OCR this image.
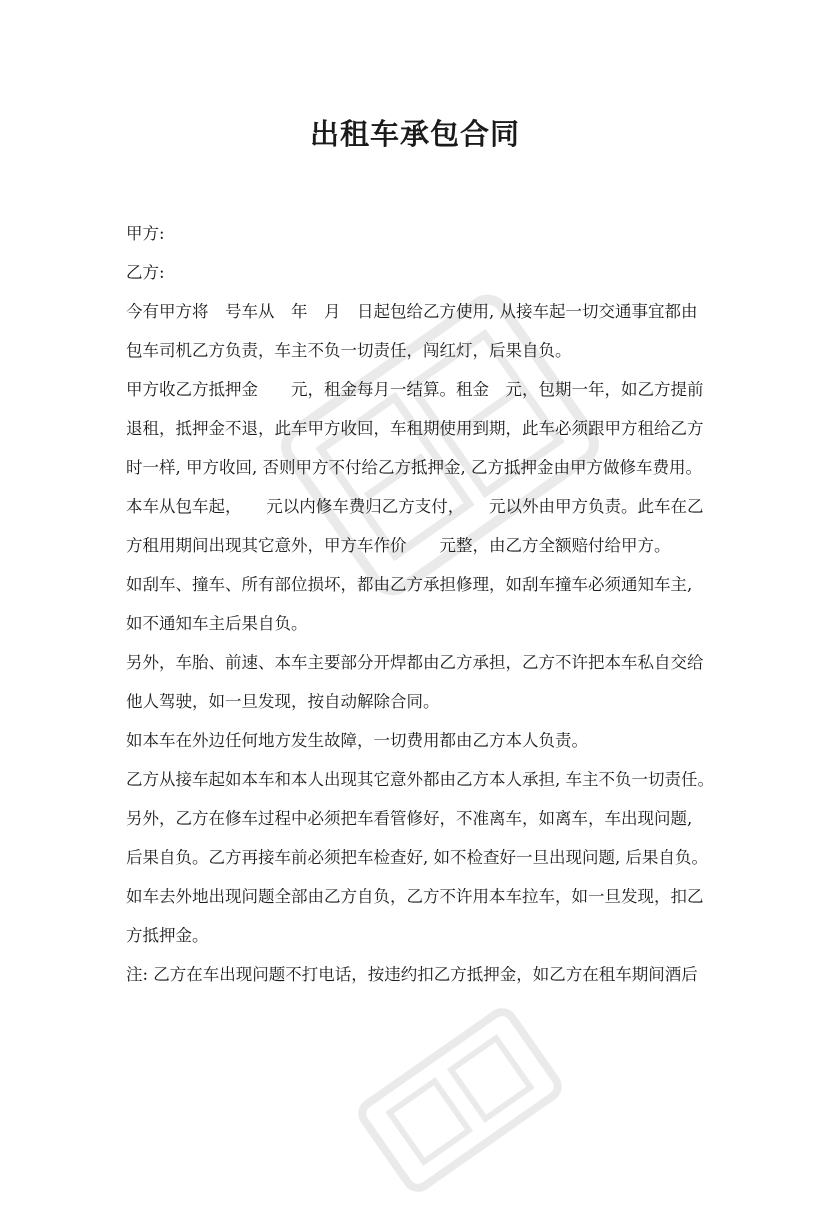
出租车承包合同
甲方:
乙方:
今有甲方将　号车从　年　月　日起包给乙方使用, 从接车起一切交通事宜都由
包车司机乙方负责，车主不负一切责任，闯红灯，后果自负。
甲方收乙方抵押金　　元，租金每月一结算。租金　元，包期一年，如乙方提前
退租，抵押金不退，此车甲方收回，车租期使用到期，此车必须跟甲方租给乙方
时一样, 甲方收回, 否则甲方不付给乙方抵押金, 乙方抵押金由甲方做修车费用。
本车从包车起，　　元以内修车费归乙方支付，　　元以外由甲方负责。此车在乙
方租用期间出现其它意外，甲方车作价　　元整，由乙方全额赔付给甲方。
如刮车、撞车、所有部位损坏，都由乙方承担修理，如刮车撞车必须通知车主,
如不通知车主后果自负。
另外，车胎、前速、本车主要部分开焊都由乙方承担，乙方不许把本车私自交给
他人驾驶，如一旦发现，按自动解除合同。
如本车在外边任何地方发生故障，一切费用都由乙方本人负责。
乙方从接车起如本车和本人出现其它意外都由乙方本人承担, 车主不负一切责任。
另外，乙方在修车过程中必须把车看管修好，不准离车，如离车，车出现问题,
后果自负。乙方再接车前必须把车检查好, 如不检查好一旦出现问题, 后果自负。
如车去外地出现问题全部由乙方自负，乙方不许用本车拉车，如一旦发现，扣乙
方抵押金。
注: 乙方在车出现问题不打电话，按违约扣乙方抵押金，如乙方在租车期间酒后
